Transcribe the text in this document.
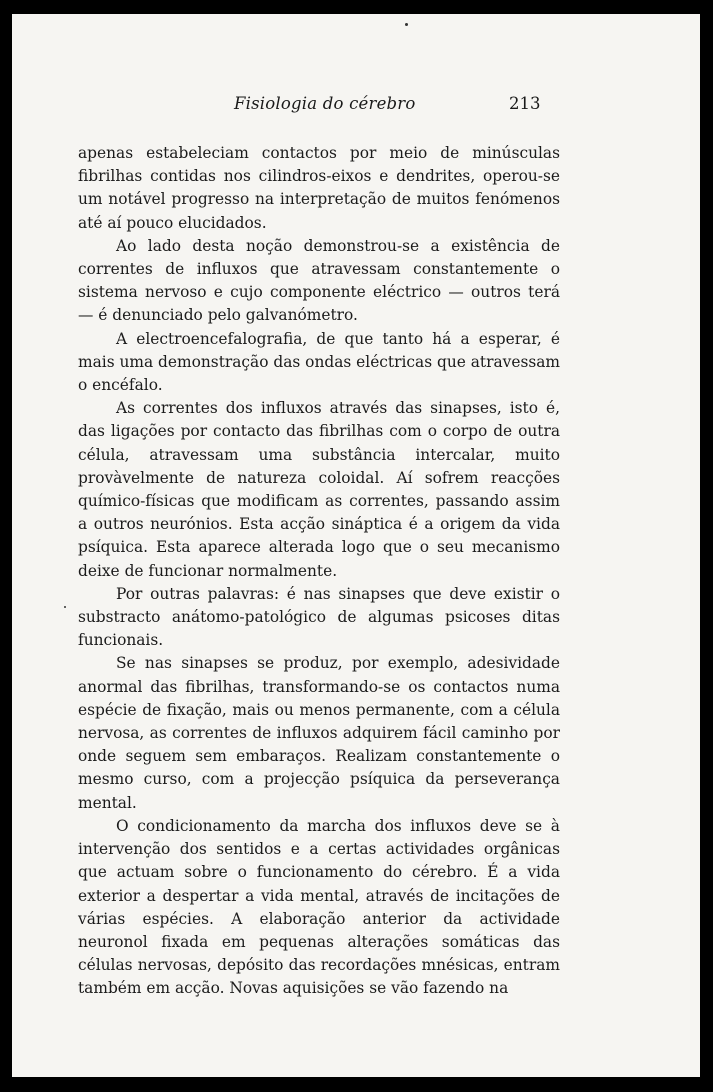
Fisiologia do cérebro	213

apenas estabeleciam contactos por meio de minúsculas fibrilhas contidas nos cilindros-eixos e dendrites, operou-se um notável progresso na interpretação de muitos fenómenos até aí pouco elucidados.

Ao lado desta noção demonstrou-se a existência de correntes de influxos que atravessam constantemente o sistema nervoso e cujo componente eléctrico — outros terá — é denunciado pelo galvanómetro.

A electroencefalografia, de que tanto há a esperar, é mais uma demonstração das ondas eléctricas que atravessam o encéfalo.

As correntes dos influxos através das sinapses, isto é, das ligações por contacto das fibrilhas com o corpo de outra célula, atravessam uma substância intercalar, muito provàvelmente de natureza coloidal. Aí sofrem reacções químico-físicas que modificam as correntes, passando assim a outros neurónios. Esta acção sináptica é a origem da vida psíquica. Esta aparece alterada logo que o seu mecanismo deixe de funcionar normalmente.

Por outras palavras: é nas sinapses que deve existir o substracto anátomo-patológico de algumas psicoses ditas funcionais.

Se nas sinapses se produz, por exemplo, adesividade anormal das fibrilhas, transformando-se os contactos numa espécie de fixação, mais ou menos permanente, com a célula nervosa, as correntes de influxos adquirem fácil caminho por onde seguem sem embaraços. Realizam constantemente o mesmo curso, com a projecção psíquica da perseverança mental.

O condicionamento da marcha dos influxos deve se à intervenção dos sentidos e a certas actividades orgânicas que actuam sobre o funcionamento do cérebro. É a vida exterior a despertar a vida mental, através de incitações de várias espécies. A elaboração anterior da actividade neuronol fixada em pequenas alterações somáticas das células nervosas, depósito das recordações mnésicas, entram também em acção. Novas aquisições se vão fazendo na
